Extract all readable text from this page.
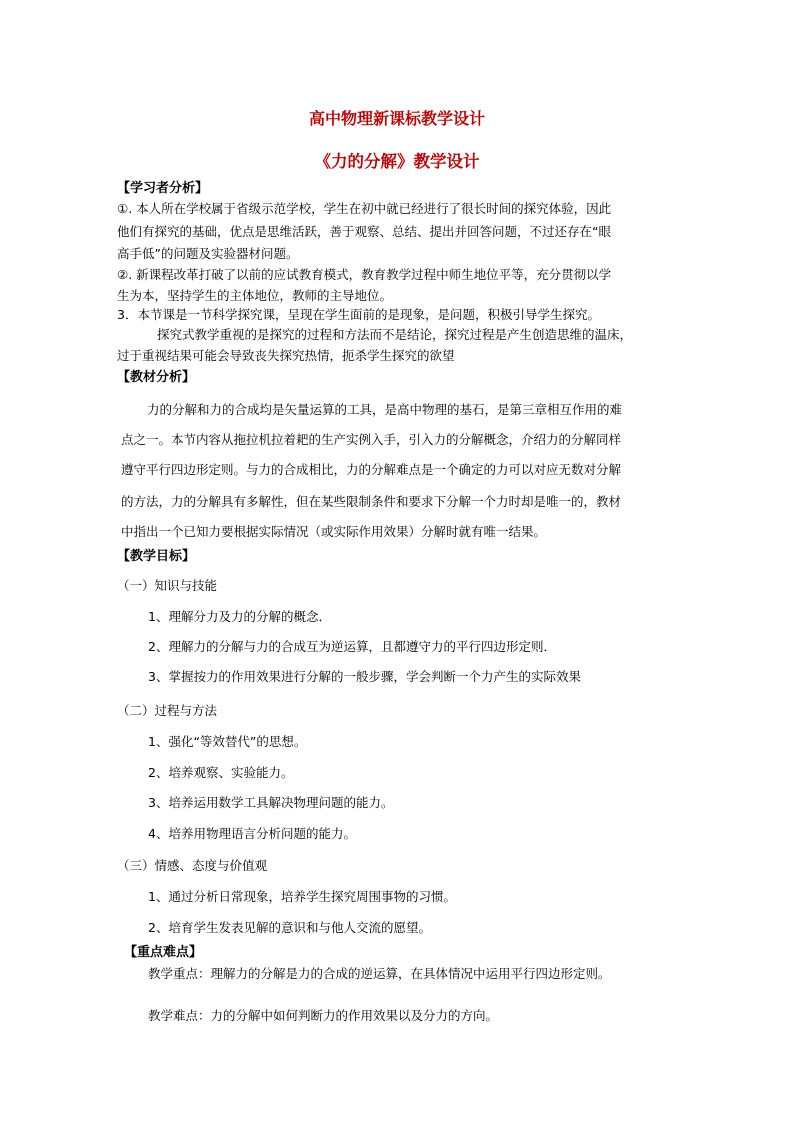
高中物理新课标教学设计
《力的分解》教学设计
【学习者分析】
①. 本人所在学校属于省级示范学校，学生在初中就已经进行了很长时间的探究体验，因此
他们有探究的基础，优点是思维活跃，善于观察、总结、提出并回答问题，不过还存在“眼
高手低”的问题及实验器材问题。
②. 新课程改革打破了以前的应试教育模式，教育教学过程中师生地位平等，充分贯彻以学
生为本，坚持学生的主体地位，教师的主导地位。
3．本节课是一节科学探究课，呈现在学生面前的是现象，是问题，积极引导学生探究。
探究式教学重视的是探究的过程和方法而不是结论，探究过程是产生创造思维的温床，
过于重视结果可能会导致丧失探究热情，扼杀学生探究的欲望
【教材分析】
力的分解和力的合成均是矢量运算的工具，是高中物理的基石，是第三章相互作用的难
点之一。本节内容从拖拉机拉着耙的生产实例入手，引入力的分解概念，介绍力的分解同样
遵守平行四边形定则。与力的合成相比，力的分解难点是一个确定的力可以对应无数对分解
的方法，力的分解具有多解性，但在某些限制条件和要求下分解一个力时却是唯一的，教材
中指出一个已知力要根据实际情况（或实际作用效果）分解时就有唯一结果。
【教学目标】
（一）知识与技能
1、理解分力及力的分解的概念．
2、理解力的分解与力的合成互为逆运算，且都遵守力的平行四边形定则．
3、掌握按力的作用效果进行分解的一般步骤，学会判断一个力产生的实际效果
（二）过程与方法
1、强化“等效替代”的思想。
2、培养观察、实验能力。
3、培养运用数学工具解决物理问题的能力。
4、培养用物理语言分析问题的能力。
（三）情感、态度与价值观
1、通过分析日常现象，培养学生探究周围事物的习惯。
2、培育学生发表见解的意识和与他人交流的愿望。
【重点难点】
教学重点：理解力的分解是力的合成的逆运算，在具体情况中运用平行四边形定则。
教学难点：力的分解中如何判断力的作用效果以及分力的方向。
